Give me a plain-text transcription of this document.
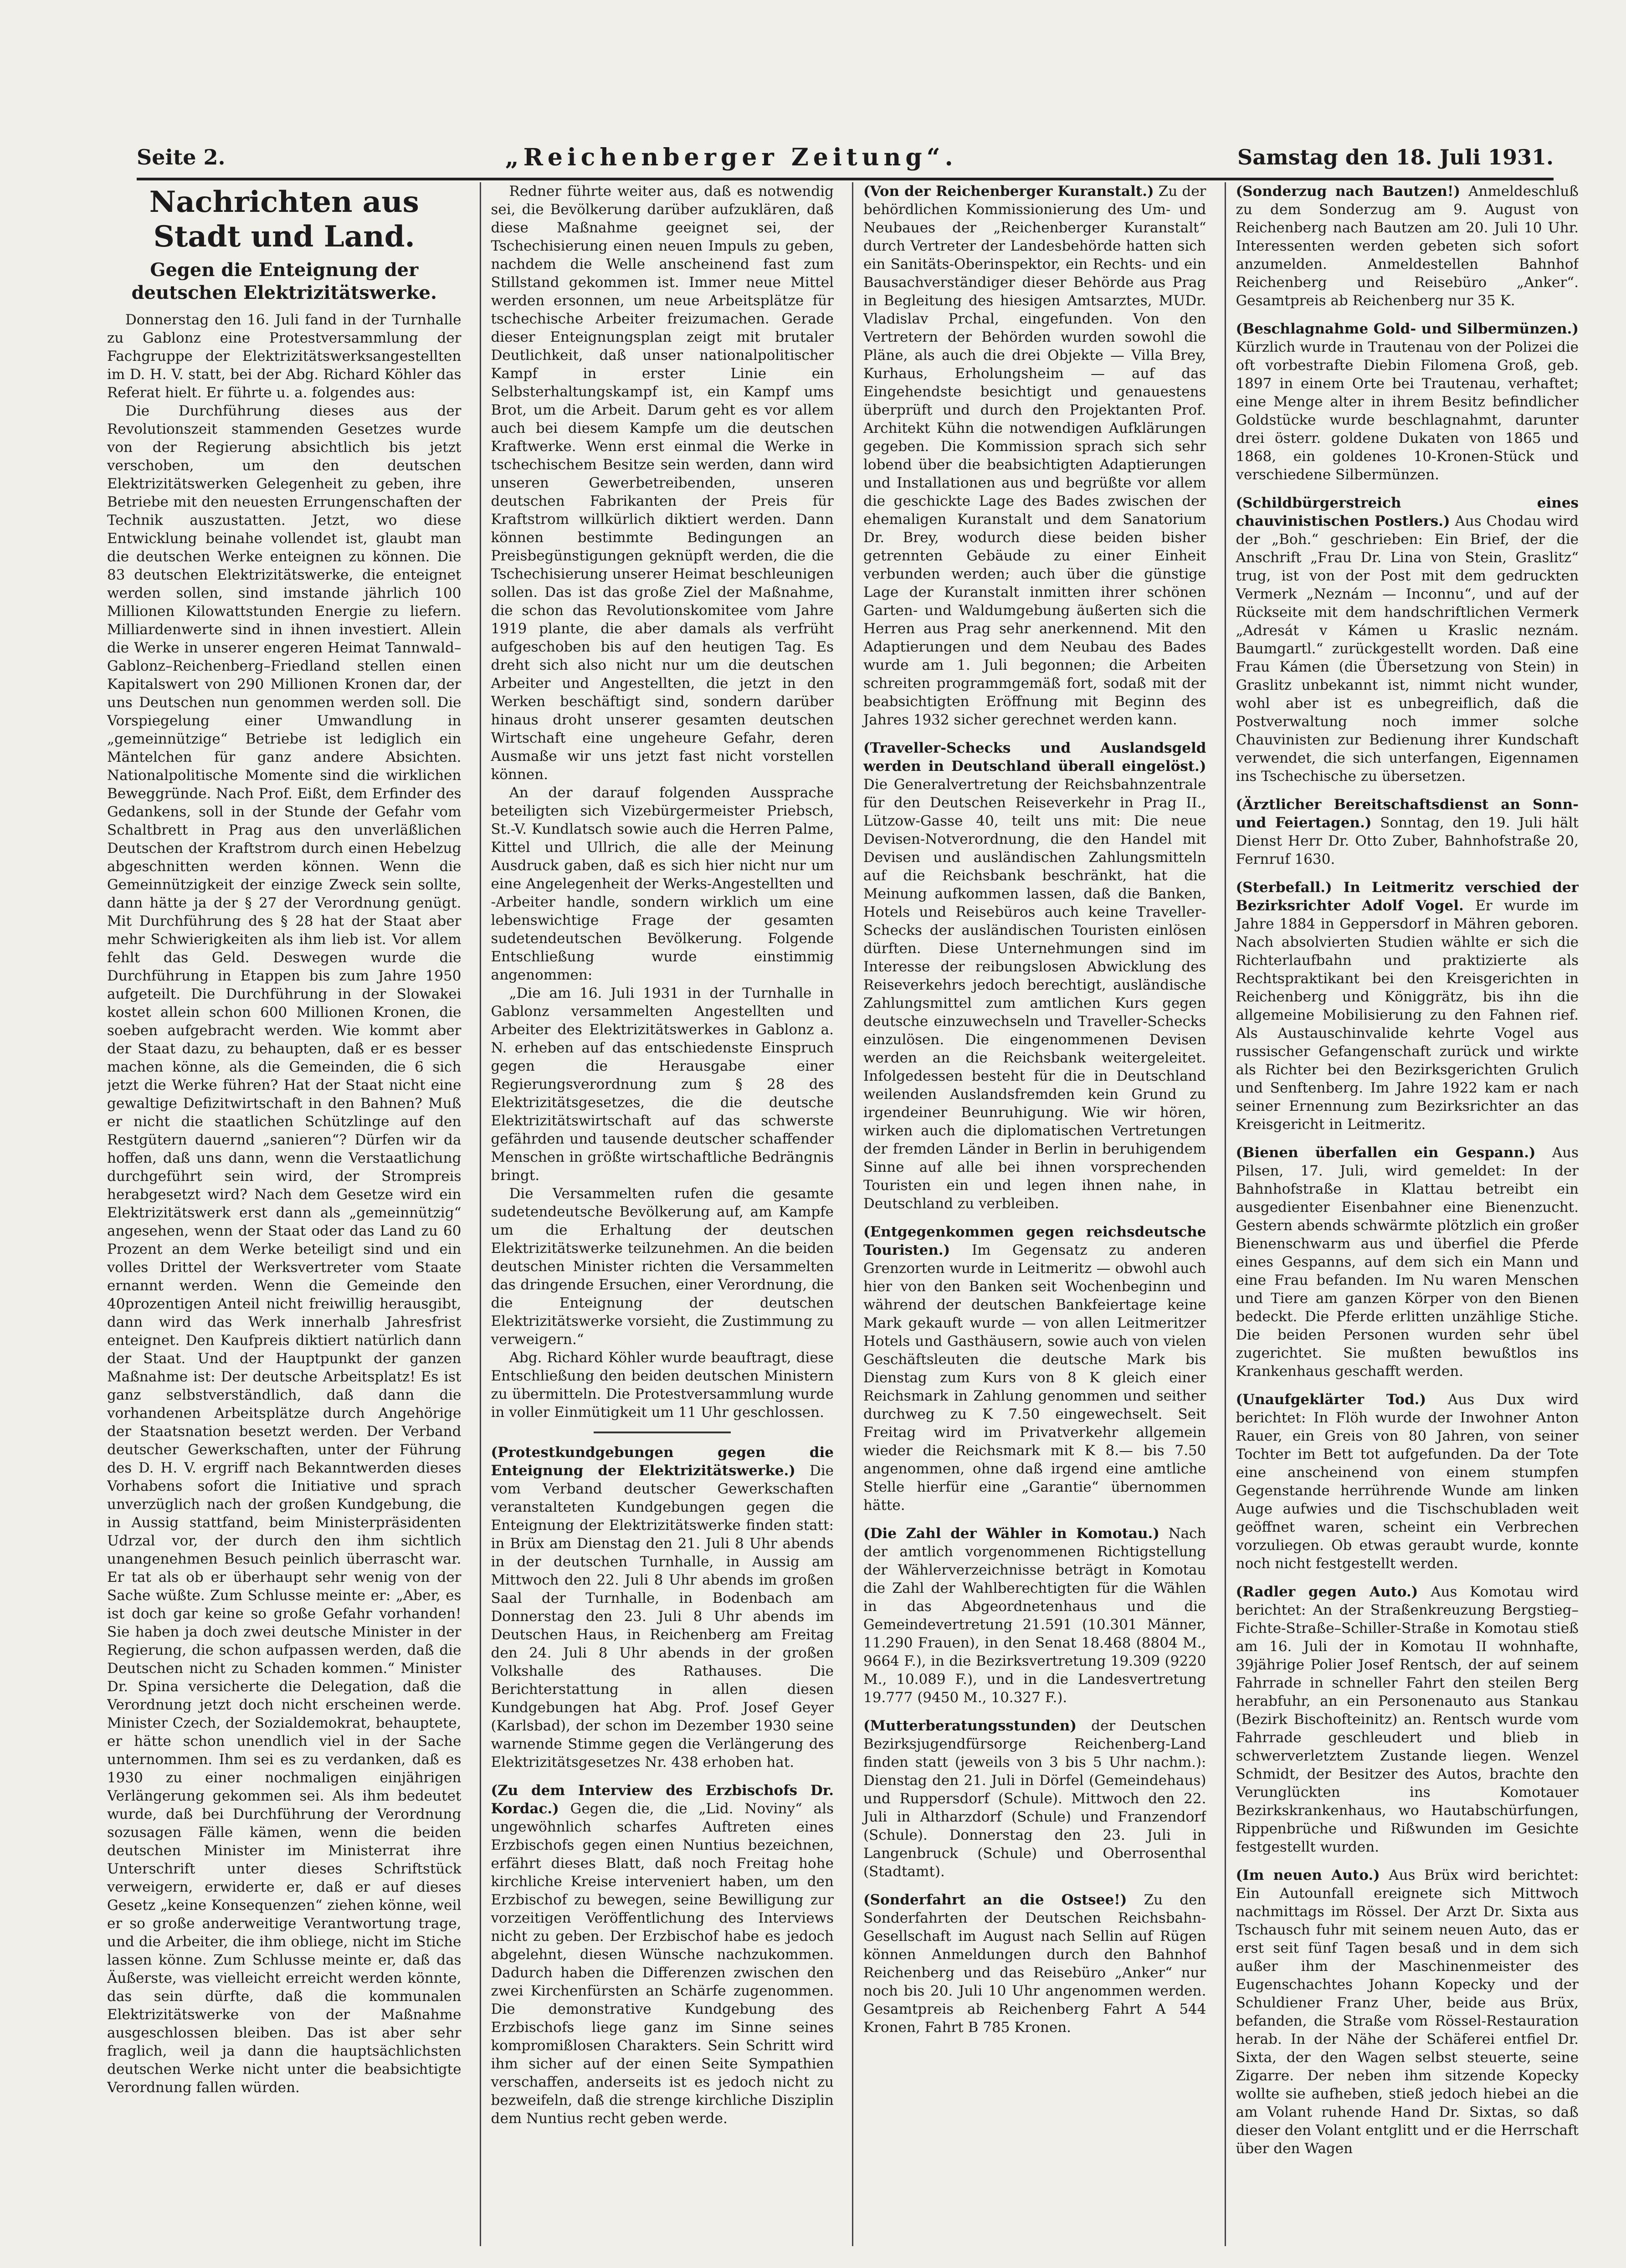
Seite 2.	„Reichenberger Zeitung“.	Samstag den 18. Juli 1931.
Nachrichten aus Stadt und Land.
Gegen die Enteignung der deutschen Elektrizitätswerke.

Donnerstag den 16. Juli fand in der Turnhalle zu Gablonz eine Protestversammlung der Fachgruppe der Elektrizitätswerksangestellten im D. H. V. statt, bei der Abg. Richard Köhler das Referat hielt. Er führte u. a. folgendes aus:

Die Durchführung dieses aus der Revolutionszeit stammenden Gesetzes wurde von der Regierung absichtlich bis jetzt verschoben, um den deutschen Elektrizitätswerken Gelegenheit zu geben, ihre Betriebe mit den neuesten Errungenschaften der Technik auszustatten. Jetzt, wo diese Entwicklung beinahe vollendet ist, glaubt man die deutschen Werke enteignen zu können. Die 83 deutschen Elektrizitätswerke, die enteignet werden sollen, sind imstande jährlich 100 Millionen Kilowattstunden Energie zu liefern. Milliardenwerte sind in ihnen investiert. Allein die Werke in unserer engeren Heimat Tannwald–Gablonz–Reichenberg–Friedland stellen einen Kapitalswert von 290 Millionen Kronen dar, der uns Deutschen nun genommen werden soll. Die Vorspiegelung einer Umwandlung in „gemeinnützige“ Betriebe ist lediglich ein Mäntelchen für ganz andere Absichten. Nationalpolitische Momente sind die wirklichen Beweggründe. Nach Prof. Eißt, dem Erfinder des Gedankens, soll in der Stunde der Gefahr vom Schaltbrett in Prag aus den unverläßlichen Deutschen der Kraftstrom durch einen Hebelzug abgeschnitten werden können. Wenn die Gemeinnützigkeit der einzige Zweck sein sollte, dann hätte ja der § 27 der Verordnung genügt. Mit Durchführung des § 28 hat der Staat aber mehr Schwierigkeiten als ihm lieb ist. Vor allem fehlt das Geld. Deswegen wurde die Durchführung in Etappen bis zum Jahre 1950 aufgeteilt. Die Durchführung in der Slowakei kostet allein schon 600 Millionen Kronen, die soeben aufgebracht werden. Wie kommt aber der Staat dazu, zu behaupten, daß er es besser machen könne, als die Gemeinden, die 6 sich jetzt die Werke führen? Hat der Staat nicht eine gewaltige Defizitwirtschaft in den Bahnen? Muß er nicht die staatlichen Schützlinge auf den Restgütern dauernd „sanieren“? Dürfen wir da hoffen, daß uns dann, wenn die Verstaatlichung durchgeführt sein wird, der Strompreis herabgesetzt wird? Nach dem Gesetze wird ein Elektrizitätswerk erst dann als „gemeinnützig“ angesehen, wenn der Staat oder das Land zu 60 Prozent an dem Werke beteiligt sind und ein volles Drittel der Werksvertreter vom Staate ernannt werden. Wenn die Gemeinde den 40prozentigen Anteil nicht freiwillig herausgibt, dann wird das Werk innerhalb Jahresfrist enteignet. Den Kaufpreis diktiert natürlich dann der Staat. Und der Hauptpunkt der ganzen Maßnahme ist: Der deutsche Arbeitsplatz! Es ist ganz selbstverständlich, daß dann die vorhandenen Arbeitsplätze durch Angehörige der Staatsnation besetzt werden. Der Verband deutscher Gewerkschaften, unter der Führung des D. H. V. ergriff nach Bekanntwerden dieses Vorhabens sofort die Initiative und sprach unverzüglich nach der großen Kundgebung, die in Aussig stattfand, beim Ministerpräsidenten Udrzal vor, der durch den ihm sichtlich unangenehmen Besuch peinlich überrascht war. Er tat als ob er überhaupt sehr wenig von der Sache wüßte. Zum Schlusse meinte er: „Aber, es ist doch gar keine so große Gefahr vorhanden! Sie haben ja doch zwei deutsche Minister in der Regierung, die schon aufpassen werden, daß die Deutschen nicht zu Schaden kommen.“ Minister Dr. Spina versicherte die Delegation, daß die Verordnung jetzt doch nicht erscheinen werde. Minister Czech, der Sozialdemokrat, behauptete, er hätte schon unendlich viel in der Sache unternommen. Ihm sei es zu verdanken, daß es 1930 zu einer nochmaligen einjährigen Verlängerung gekommen sei. Als ihm bedeutet wurde, daß bei Durchführung der Verordnung sozusagen Fälle kämen, wenn die beiden deutschen Minister im Ministerrat ihre Unterschrift unter dieses Schriftstück verweigern, erwiderte er, daß er auf dieses Gesetz „keine Konsequenzen“ ziehen könne, weil er so große anderweitige Verantwortung trage, und die Arbeiter, die ihm obliege, nicht im Stiche lassen könne. Zum Schlusse meinte er, daß das Äußerste, was vielleicht erreicht werden könnte, das sein dürfte, daß die kommunalen Elektrizitätswerke von der Maßnahme ausgeschlossen bleiben. Das ist aber sehr fraglich, weil ja dann die hauptsächlichsten deutschen Werke nicht unter die beabsichtigte Verordnung fallen würden.

Redner führte weiter aus, daß es notwendig sei, die Bevölkerung darüber aufzuklären, daß diese Maßnahme geeignet sei, der Tschechisierung einen neuen Impuls zu geben, nachdem die Welle anscheinend fast zum Stillstand gekommen ist. Immer neue Mittel werden ersonnen, um neue Arbeitsplätze für tschechische Arbeiter freizumachen. Gerade dieser Enteignungsplan zeigt mit brutaler Deutlichkeit, daß unser nationalpolitischer Kampf in erster Linie ein Selbsterhaltungskampf ist, ein Kampf ums Brot, um die Arbeit. Darum geht es vor allem auch bei diesem Kampfe um die deutschen Kraftwerke. Wenn erst einmal die Werke in tschechischem Besitze sein werden, dann wird unseren Gewerbetreibenden, unseren deutschen Fabrikanten der Preis für Kraftstrom willkürlich diktiert werden. Dann können bestimmte Bedingungen an Preisbegünstigungen geknüpft werden, die die Tschechisierung unserer Heimat beschleunigen sollen. Das ist das große Ziel der Maßnahme, die schon das Revolutionskomitee vom Jahre 1919 plante, die aber damals als verfrüht aufgeschoben bis auf den heutigen Tag. Es dreht sich also nicht nur um die deutschen Arbeiter und Angestellten, die jetzt in den Werken beschäftigt sind, sondern darüber hinaus droht unserer gesamten deutschen Wirtschaft eine ungeheure Gefahr, deren Ausmaße wir uns jetzt fast nicht vorstellen können.

An der darauf folgenden Aussprache beteiligten sich Vizebürgermeister Priebsch, St.-V. Kundlatsch sowie auch die Herren Palme, Kittel und Ullrich, die alle der Meinung Ausdruck gaben, daß es sich hier nicht nur um eine Angelegenheit der Werks-Angestellten und -Arbeiter handle, sondern wirklich um eine lebenswichtige Frage der gesamten sudetendeutschen Bevölkerung. Folgende Entschließung wurde einstimmig angenommen:

„Die am 16. Juli 1931 in der Turnhalle in Gablonz versammelten Angestellten und Arbeiter des Elektrizitätswerkes in Gablonz a. N. erheben auf das entschiedenste Einspruch gegen die Herausgabe einer Regierungsverordnung zum § 28 des Elektrizitätsgesetzes, die die deutsche Elektrizitätswirtschaft auf das schwerste gefährden und tausende deutscher schaffender Menschen in größte wirtschaftliche Bedrängnis bringt.

Die Versammelten rufen die gesamte sudetendeutsche Bevölkerung auf, am Kampfe um die Erhaltung der deutschen Elektrizitätswerke teilzunehmen. An die beiden deutschen Minister richten die Versammelten das dringende Ersuchen, einer Verordnung, die die Enteignung der deutschen Elektrizitätswerke vorsieht, die Zustimmung zu verweigern.“

Abg. Richard Köhler wurde beauftragt, diese Entschließung den beiden deutschen Ministern zu übermitteln. Die Protestversammlung wurde in voller Einmütigkeit um 11 Uhr geschlossen.

(Protestkundgebungen gegen die Enteignung der Elektrizitätswerke.) Die vom Verband deutscher Gewerkschaften veranstalteten Kundgebungen gegen die Enteignung der Elektrizitätswerke finden statt: in Brüx am Dienstag den 21. Juli 8 Uhr abends in der deutschen Turnhalle, in Aussig am Mittwoch den 22. Juli 8 Uhr abends im großen Saal der Turnhalle, in Bodenbach am Donnerstag den 23. Juli 8 Uhr abends im Deutschen Haus, in Reichenberg am Freitag den 24. Juli 8 Uhr abends in der großen Volkshalle des Rathauses. Die Berichterstattung in allen diesen Kundgebungen hat Abg. Prof. Josef Geyer (Karlsbad), der schon im Dezember 1930 seine warnende Stimme gegen die Verlängerung des Elektrizitätsgesetzes Nr. 438 erhoben hat.

(Zu dem Interview des Erzbischofs Dr. Kordac.) Gegen die, die „Lid. Noviny“ als ungewöhnlich scharfes Auftreten eines Erzbischofs gegen einen Nuntius bezeichnen, erfährt dieses Blatt, daß noch Freitag hohe kirchliche Kreise interveniert haben, um den Erzbischof zu bewegen, seine Bewilligung zur vorzeitigen Veröffentlichung des Interviews nicht zu geben. Der Erzbischof habe es jedoch abgelehnt, diesen Wünsche nachzukommen. Dadurch haben die Differenzen zwischen den zwei Kirchenfürsten an Schärfe zugenommen. Die demonstrative Kundgebung des Erzbischofs liege ganz im Sinne seines kompromißlosen Charakters. Sein Schritt wird ihm sicher auf der einen Seite Sympathien verschaffen, anderseits ist es jedoch nicht zu bezweifeln, daß die strenge kirchliche Disziplin dem Nuntius recht geben werde.

(Von der Reichenberger Kuranstalt.) Zu der behördlichen Kommissionierung des Um- und Neubaues der „Reichenberger Kuranstalt“ durch Vertreter der Landesbehörde hatten sich ein Sanitäts-Oberinspektor, ein Rechts- und ein Bausachverständiger dieser Behörde aus Prag in Begleitung des hiesigen Amtsarztes, MUDr. Vladislav Prchal, eingefunden. Von den Vertretern der Behörden wurden sowohl die Pläne, als auch die drei Objekte — Villa Brey, Kurhaus, Erholungsheim — auf das Eingehendste besichtigt und genauestens überprüft und durch den Projektanten Prof. Architekt Kühn die notwendigen Aufklärungen gegeben. Die Kommission sprach sich sehr lobend über die beabsichtigten Adaptierungen und Installationen aus und begrüßte vor allem die geschickte Lage des Bades zwischen der ehemaligen Kuranstalt und dem Sanatorium Dr. Brey, wodurch diese beiden bisher getrennten Gebäude zu einer Einheit verbunden werden; auch über die günstige Lage der Kuranstalt inmitten ihrer schönen Garten- und Waldumgebung äußerten sich die Herren aus Prag sehr anerkennend. Mit den Adaptierungen und dem Neubau des Bades wurde am 1. Juli begonnen; die Arbeiten schreiten programmgemäß fort, sodaß mit der beabsichtigten Eröffnung mit Beginn des Jahres 1932 sicher gerechnet werden kann.

(Traveller-Schecks und Auslandsgeld werden in Deutschland überall eingelöst.) Die Generalvertretung der Reichsbahnzentrale für den Deutschen Reiseverkehr in Prag II., Lützow-Gasse 40, teilt uns mit: Die neue Devisen-Notverordnung, die den Handel mit Devisen und ausländischen Zahlungsmitteln auf die Reichsbank beschränkt, hat die Meinung aufkommen lassen, daß die Banken, Hotels und Reisebüros auch keine Traveller-Schecks der ausländischen Touristen einlösen dürften. Diese Unternehmungen sind im Interesse der reibungslosen Abwicklung des Reiseverkehrs jedoch berechtigt, ausländische Zahlungsmittel zum amtlichen Kurs gegen deutsche einzuwechseln und Traveller-Schecks einzulösen. Die eingenommenen Devisen werden an die Reichsbank weitergeleitet. Infolgedessen besteht für die in Deutschland weilenden Auslandsfremden kein Grund zu irgendeiner Beunruhigung. Wie wir hören, wirken auch die diplomatischen Vertretungen der fremden Länder in Berlin in beruhigendem Sinne auf alle bei ihnen vorsprechenden Touristen ein und legen ihnen nahe, in Deutschland zu verbleiben.

(Entgegenkommen gegen reichsdeutsche Touristen.) Im Gegensatz zu anderen Grenzorten wurde in Leitmeritz — obwohl auch hier von den Banken seit Wochenbeginn und während der deutschen Bankfeiertage keine Mark gekauft wurde — von allen Leitmeritzer Hotels und Gasthäusern, sowie auch von vielen Geschäftsleuten die deutsche Mark bis Dienstag zum Kurs von 8 K gleich einer Reichsmark in Zahlung genommen und seither durchweg zu K 7.50 eingewechselt. Seit Freitag wird im Privatverkehr allgemein wieder die Reichsmark mit K 8.— bis 7.50 angenommen, ohne daß irgend eine amtliche Stelle hierfür eine „Garantie“ übernommen hätte.

(Die Zahl der Wähler in Komotau.) Nach der amtlich vorgenommenen Richtigstellung der Wählerverzeichnisse beträgt in Komotau die Zahl der Wahlberechtigten für die Wählen in das Abgeordnetenhaus und die Gemeindevertretung 21.591 (10.301 Männer, 11.290 Frauen), in den Senat 18.468 (8804 M., 9664 F.), in die Bezirksvertretung 19.309 (9220 M., 10.089 F.), und in die Landesvertretung 19.777 (9450 M., 10.327 F.).

(Mutterberatungsstunden) der Deutschen Bezirksjugendfürsorge Reichenberg-Land finden statt (jeweils von 3 bis 5 Uhr nachm.): Dienstag den 21. Juli in Dörfel (Gemeindehaus) und Ruppersdorf (Schule). Mittwoch den 22. Juli in Altharzdorf (Schule) und Franzendorf (Schule). Donnerstag den 23. Juli in Langenbruck (Schule) und Oberrosenthal (Stadtamt).

(Sonderfahrt an die Ostsee!) Zu den Sonderfahrten der Deutschen Reichsbahn-Gesellschaft im August nach Sellin auf Rügen können Anmeldungen durch den Bahnhof Reichenberg und das Reisebüro „Anker“ nur noch bis 20. Juli 10 Uhr angenommen werden. Gesamtpreis ab Reichenberg Fahrt A 544 Kronen, Fahrt B 785 Kronen.

(Sonderzug nach Bautzen!) Anmeldeschluß zu dem Sonderzug am 9. August von Reichenberg nach Bautzen am 20. Juli 10 Uhr. Interessenten werden gebeten sich sofort anzumelden. Anmeldestellen Bahnhof Reichenberg und Reisebüro „Anker“. Gesamtpreis ab Reichenberg nur 35 K.

(Beschlagnahme Gold- und Silbermünzen.) Kürzlich wurde in Trautenau von der Polizei die oft vorbestrafte Diebin Filomena Groß, geb. 1897 in einem Orte bei Trautenau, verhaftet; eine Menge alter in ihrem Besitz befindlicher Goldstücke wurde beschlagnahmt, darunter drei österr. goldene Dukaten von 1865 und 1868, ein goldenes 10-Kronen-Stück und verschiedene Silbermünzen.

(Schildbürgerstreich eines chauvinistischen Postlers.) Aus Chodau wird der „Boh.“ geschrieben: Ein Brief, der die Anschrift „Frau Dr. Lina von Stein, Graslitz“ trug, ist von der Post mit dem gedruckten Vermerk „Neznám — Inconnu“, und auf der Rückseite mit dem handschriftlichen Vermerk „Adresát v Kámen u Kraslic neznám. Baumgartl.“ zurückgestellt worden. Daß eine Frau Kámen (die Übersetzung von Stein) in Graslitz unbekannt ist, nimmt nicht wunder, wohl aber ist es unbegreiflich, daß die Postverwaltung noch immer solche Chauvinisten zur Bedienung ihrer Kundschaft verwendet, die sich unterfangen, Eigennamen ins Tschechische zu übersetzen.

(Ärztlicher Bereitschaftsdienst an Sonn- und Feiertagen.) Sonntag, den 19. Juli hält Dienst Herr Dr. Otto Zuber, Bahnhofstraße 20, Fernruf 1630.

(Sterbefall.) In Leitmeritz verschied der Bezirksrichter Adolf Vogel. Er wurde im Jahre 1884 in Geppersdorf in Mähren geboren. Nach absolvierten Studien wählte er sich die Richterlaufbahn und praktizierte als Rechtspraktikant bei den Kreisgerichten in Reichenberg und Königgrätz, bis ihn die allgemeine Mobilisierung zu den Fahnen rief. Als Austauschinvalide kehrte Vogel aus russischer Gefangenschaft zurück und wirkte als Richter bei den Bezirksgerichten Grulich und Senftenberg. Im Jahre 1922 kam er nach seiner Ernennung zum Bezirksrichter an das Kreisgericht in Leitmeritz.

(Bienen überfallen ein Gespann.) Aus Pilsen, 17. Juli, wird gemeldet: In der Bahnhofstraße in Klattau betreibt ein ausgedienter Eisenbahner eine Bienenzucht. Gestern abends schwärmte plötzlich ein großer Bienenschwarm aus und überfiel die Pferde eines Gespanns, auf dem sich ein Mann und eine Frau befanden. Im Nu waren Menschen und Tiere am ganzen Körper von den Bienen bedeckt. Die Pferde erlitten unzählige Stiche. Die beiden Personen wurden sehr übel zugerichtet. Sie mußten bewußtlos ins Krankenhaus geschafft werden.

(Unaufgeklärter Tod.) Aus Dux wird berichtet: In Flöh wurde der Inwohner Anton Rauer, ein Greis von 80 Jahren, von seiner Tochter im Bett tot aufgefunden. Da der Tote eine anscheinend von einem stumpfen Gegenstande herrührende Wunde am linken Auge aufwies und die Tischschubladen weit geöffnet waren, scheint ein Verbrechen vorzuliegen. Ob etwas geraubt wurde, konnte noch nicht festgestellt werden.

(Radler gegen Auto.) Aus Komotau wird berichtet: An der Straßenkreuzung Bergstieg–Fichte-Straße–Schiller-Straße in Komotau stieß am 16. Juli der in Komotau II wohnhafte, 39jährige Polier Josef Rentsch, der auf seinem Fahrrade in schneller Fahrt den steilen Berg herabfuhr, an ein Personenauto aus Stankau (Bezirk Bischofteinitz) an. Rentsch wurde vom Fahrrade geschleudert und blieb in schwerverletztem Zustande liegen. Wenzel Schmidt, der Besitzer des Autos, brachte den Verunglückten ins Komotauer Bezirkskrankenhaus, wo Hautabschürfungen, Rippenbrüche und Rißwunden im Gesichte festgestellt wurden.

(Im neuen Auto.) Aus Brüx wird berichtet: Ein Autounfall ereignete sich Mittwoch nachmittags im Rössel. Der Arzt Dr. Sixta aus Tschausch fuhr mit seinem neuen Auto, das er erst seit fünf Tagen besaß und in dem sich außer ihm der Maschinenmeister des Eugenschachtes Johann Kopecky und der Schuldiener Franz Uher, beide aus Brüx, befanden, die Straße vom Rössel-Restauration herab. In der Nähe der Schäferei entfiel Dr. Sixta, der den Wagen selbst steuerte, seine Zigarre. Der neben ihm sitzende Kopecky wollte sie aufheben, stieß jedoch hiebei an die am Volant ruhende Hand Dr. Sixtas, so daß dieser den Volant entglitt und er die Herrschaft über den Wagen
